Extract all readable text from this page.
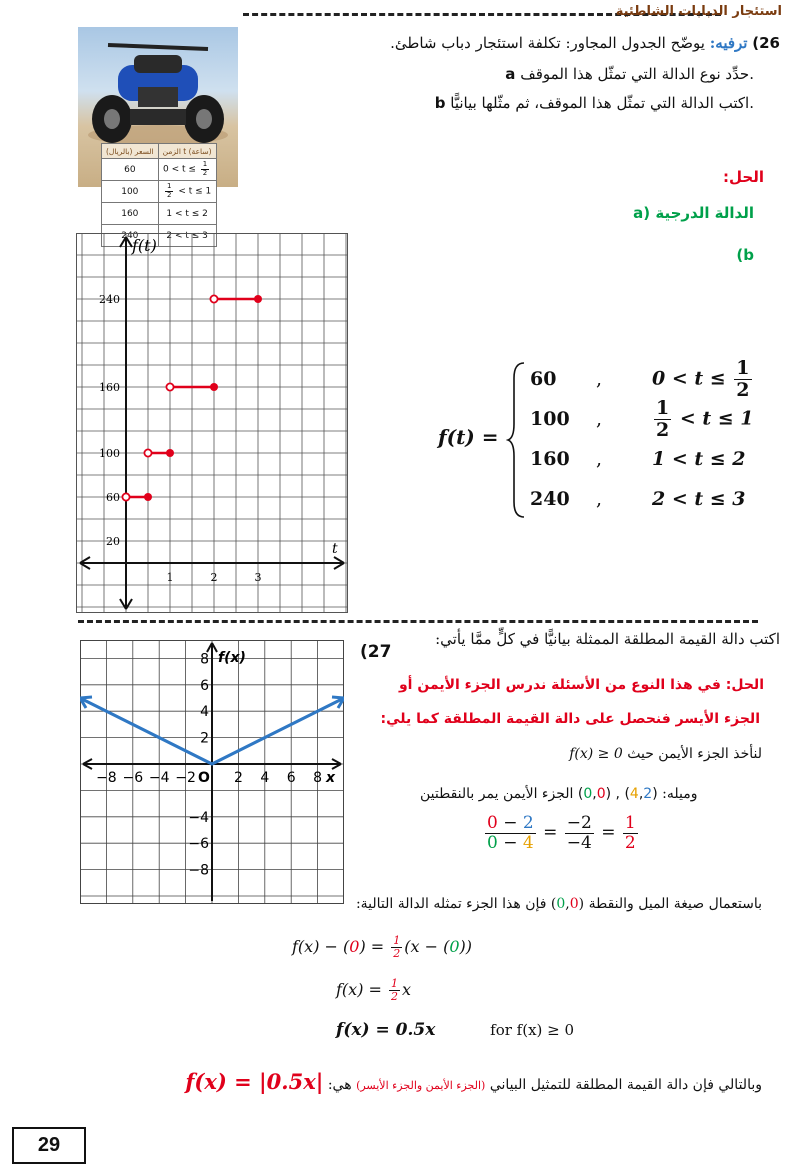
استئجار الدبابات الشاطئية
26) ترفيه: يوضّح الجدول المجاور: تكلفة استئجار دباب شاطئ.
a حدِّد نوع الدالة التي تمثّل هذا الموقف.
b اكتب الدالة التي تمثّل هذا الموقف، ثم مثّلها بيانيًّا.
الحل:
a) الدالة الدرجية
(b
السعر (بالريال)	الزمن t (ساعة)
60	$0 < t \le \frac{1}{2}$

100	$\frac{1}{2} < t \le 1$
160	1 < t ≤ 2
240	2 < t ≤ 3
f(t)
t
1	2	3
20
60
100
160
240
f(t) =
60	,	$0 < t \le \frac{1}{2}$
100	,	$\frac{1}{2} < t \le 1$
160	,	1 < t ≤ 2
240	,	2 < t ≤ 3
اكتب دالة القيمة المطلقة الممثلة بيانيًّا في كلٍّ ممَّا يأتي:
(27
f(x)
x
O
−8 −6 −4 −2	2 4 6 8
8
6
4
2
−4
−6
−8
الحل: في هذا النوع من الأسئلة ندرس الجزء الأيمن أو
الجزء الأيسر فنحصل على دالة القيمة المطلقة كما يلي:
لنأخذ الجزء الأيمن حيث f(x) ≥ 0
وميله: (4,2) , (0,0) الجزء الأيمن يمر بالنقطتين
$\frac{0 - 2}{0 - 4} = \frac{-2}{-4} = \frac{1}{2}$
باستعمال صيغة الميل والنقطة (0,0) فإن هذا الجزء تمثله الدالة التالية:
$f(x) - (0) = \frac{1}{2} (x - (0))$
$f(x) = \frac{1}{2}$ x
f(x) = 0.5x	for f(x) ≥ 0
وبالتالي فإن دالة القيمة المطلقة للتمثيل البياني (الجزء الأيمن والجزء الأيسر) هي: f(x) = |0.5x|
29
